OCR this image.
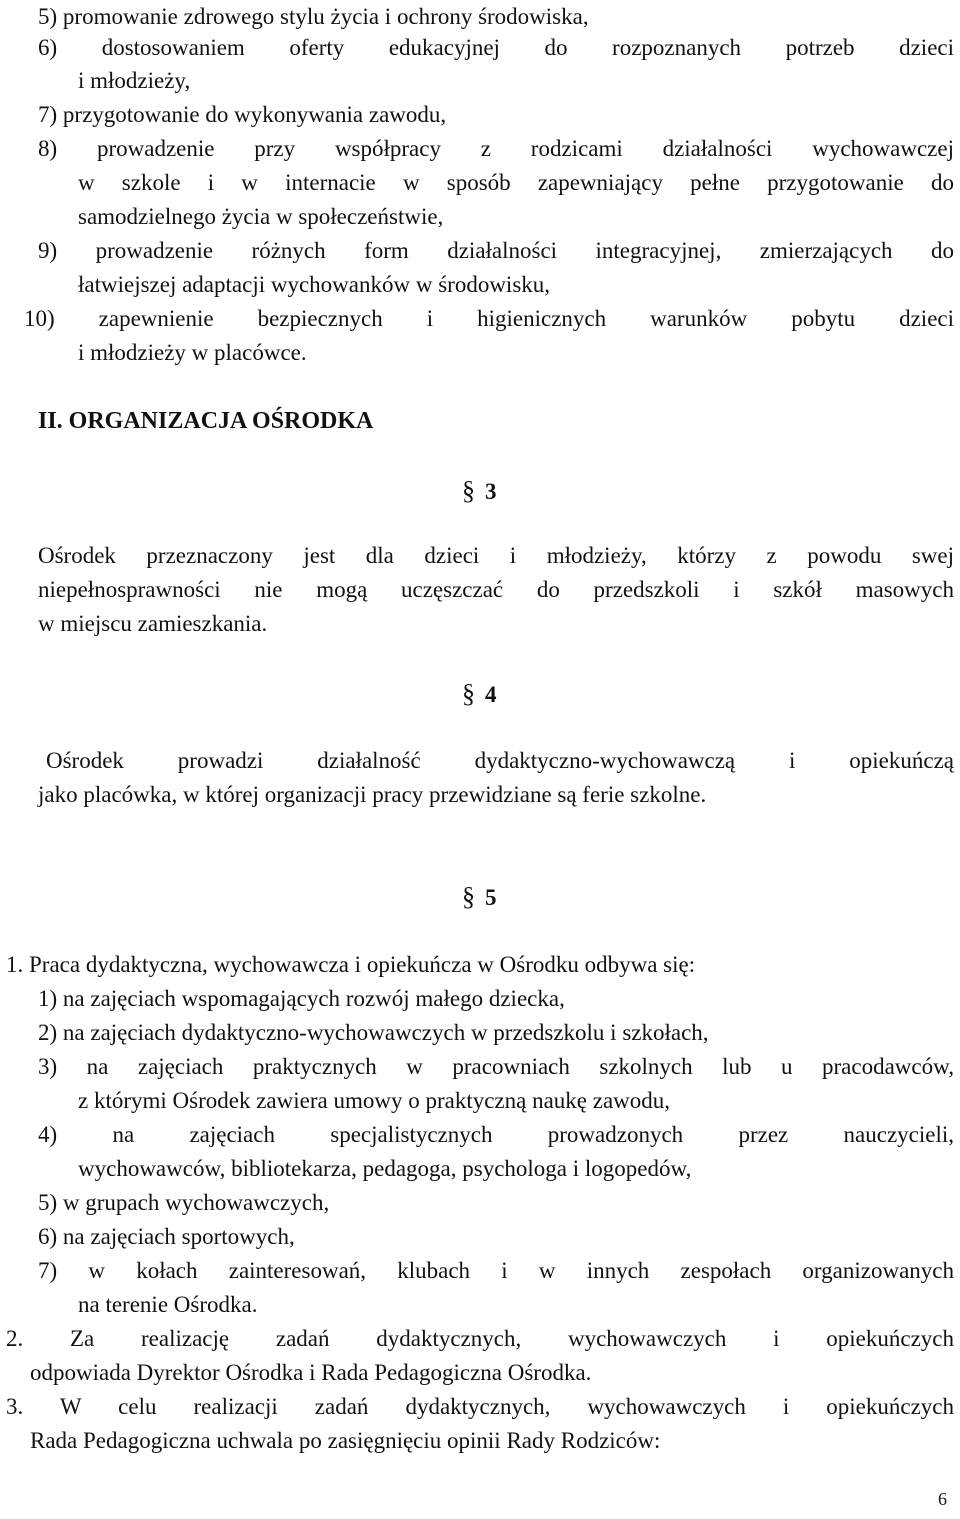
5) promowanie zdrowego stylu życia i ochrony środowiska,
6) dostosowaniem oferty edukacyjnej do rozpoznanych potrzeb dzieci
i młodzieży,
7) przygotowanie do wykonywania zawodu,
8) prowadzenie przy współpracy z rodzicami działalności wychowawczej
w szkole i w internacie w sposób zapewniający pełne przygotowanie do
samodzielnego życia w społeczeństwie,
9) prowadzenie różnych form działalności integracyjnej, zmierzających do
łatwiejszej adaptacji wychowanków w środowisku,
10) zapewnienie bezpiecznych i higienicznych warunków pobytu dzieci
i młodzieży w placówce.
II. ORGANIZACJA OŚRODKA
§ 3
Ośrodek przeznaczony jest dla dzieci i młodzieży, którzy z powodu swej
niepełnosprawności nie mogą uczęszczać do przedszkoli i szkół masowych
w miejscu zamieszkania.
§ 4
Ośrodek prowadzi działalność dydaktyczno-wychowawczą i opiekuńczą
jako placówka, w której organizacji pracy przewidziane są ferie szkolne.
§ 5
1. Praca dydaktyczna, wychowawcza i opiekuńcza w Ośrodku odbywa się:
1) na zajęciach wspomagających rozwój małego dziecka,
2) na zajęciach dydaktyczno-wychowawczych w przedszkolu i szkołach,
3) na zajęciach praktycznych w pracowniach szkolnych lub u pracodawców,
z którymi Ośrodek zawiera umowy o praktyczną naukę zawodu,
4) na zajęciach specjalistycznych prowadzonych przez nauczycieli,
wychowawców, bibliotekarza, pedagoga, psychologa i logopedów,
5) w grupach wychowawczych,
6) na zajęciach sportowych,
7) w kołach zainteresowań, klubach i w innych zespołach organizowanych
na terenie Ośrodka.
2. Za realizację zadań dydaktycznych, wychowawczych i opiekuńczych
odpowiada Dyrektor Ośrodka i Rada Pedagogiczna Ośrodka.
3. W celu realizacji zadań dydaktycznych, wychowawczych i opiekuńczych
Rada Pedagogiczna uchwala po zasięgnięciu opinii Rady Rodziców:
6
